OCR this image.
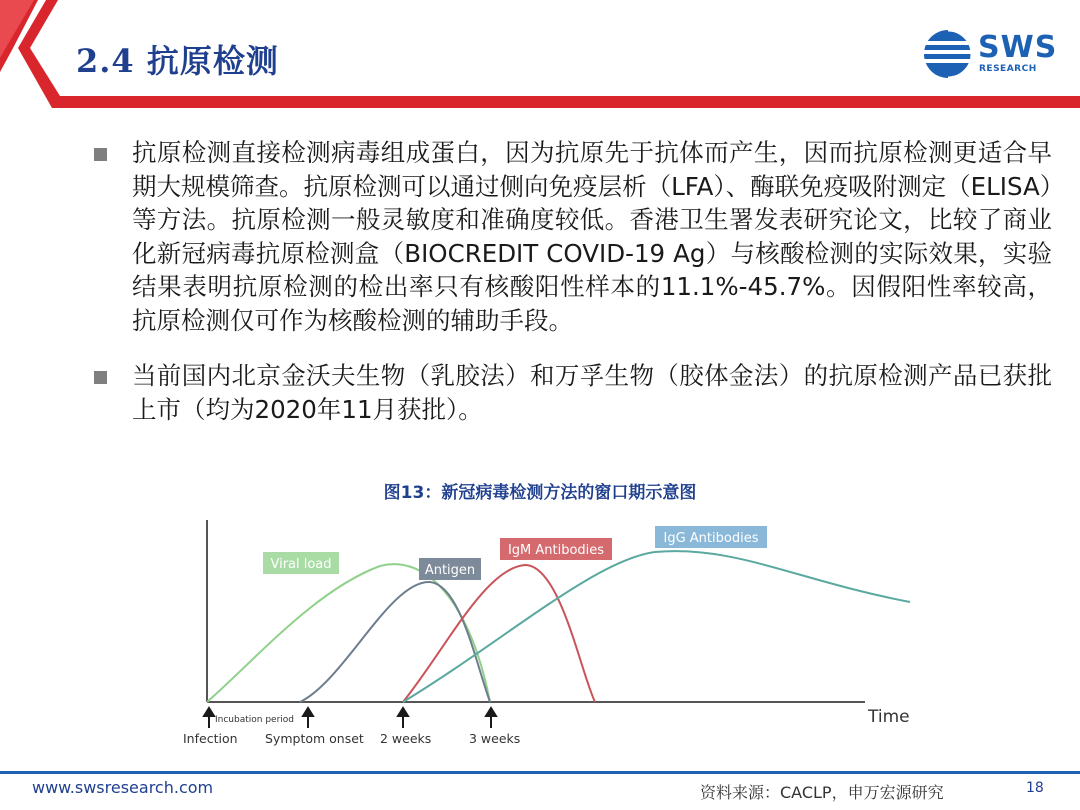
2.4 抗原检测	SWS
RESEARCH
抗原检测直接检测病毒组成蛋白，因为抗原先于抗体而产生，因而抗原检测更适合早期大规模筛查。抗原检测可以通过侧向免疫层析（LFA）、酶联免疫吸附测定（ELISA）等方法。抗原检测一般灵敏度和准确度较低。香港卫生署发表研究论文，比较了商业化新冠病毒抗原检测盒（BIOCREDIT COVID-19 Ag）与核酸检测的实际效果，实验结果表明抗原检测的检出率只有核酸阳性样本的11.1%-45.7%。因假阳性率较高，抗原检测仅可作为核酸检测的辅助手段。
当前国内北京金沃夫生物（乳胶法）和万孚生物（胶体金法）的抗原检测产品已获批上市（均为2020年11月获批）。
图13：新冠病毒检测方法的窗口期示意图
Time
Viral load	Antigen
IgM Antibodies
IgG Antibodies
Incubation period
Infection Symptom onset 2 weeks	3 weeks
www.swsresearch.com	资料来源：CACLP，申万宏源研究	18
